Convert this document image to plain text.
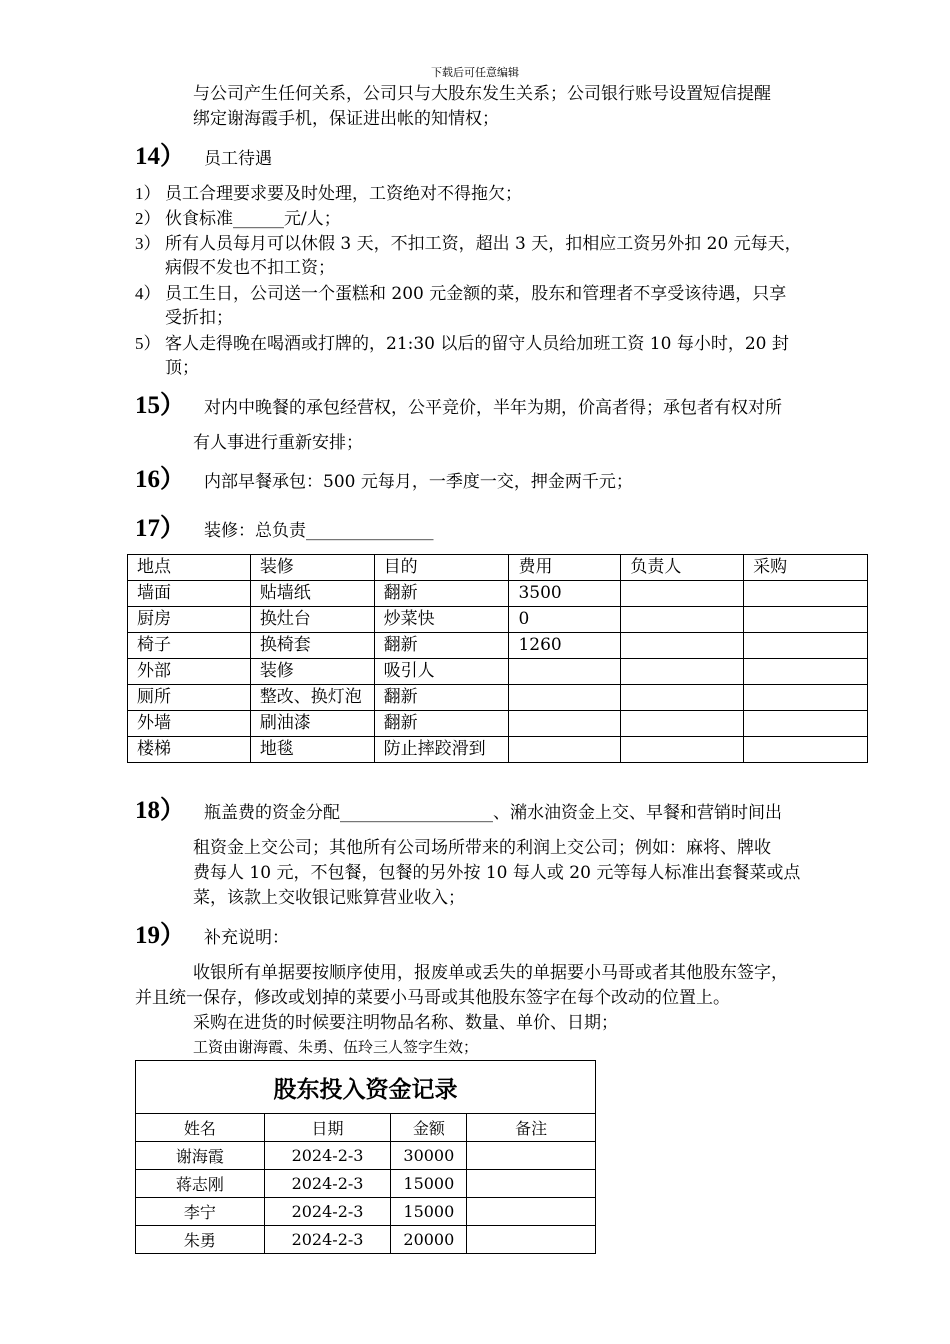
下载后可任意编辑
与公司产生任何关系，公司只与大股东发生关系；公司银行账号设置短信提醒
绑定谢海霞手机，保证进出帐的知情权；
14） 员工待遇
1） 员工合理要求要及时处理，工资绝对不得拖欠；
2） 伙食标准______元/人；
3） 所有人员每月可以休假 3 天，不扣工资，超出 3 天，扣相应工资另外扣 20 元每天，
病假不发也不扣工资；
4） 员工生日，公司送一个蛋糕和 200 元金额的菜，股东和管理者不享受该待遇，只享
受折扣；
5） 客人走得晚在喝酒或打牌的，21:30 以后的留守人员给加班工资 10 每小时，20 封
顶；
15） 对内中晚餐的承包经营权，公平竞价，半年为期，价高者得；承包者有权对所
有人事进行重新安排；
16） 内部早餐承包：500 元每月，一季度一交，押金两千元；
17） 装修：总负责_______________
地点	装修	目的	费用	负责人	采购
墙面	贴墙纸	翻新	3500		
厨房	换灶台	炒菜快	0		
椅子	换椅套	翻新	1260		
外部	装修	吸引人			
厕所	整改、换灯泡	翻新			
外墙	刷油漆	翻新			
楼梯	地毯	防止摔跤滑到			
18） 瓶盖费的资金分配__________________、潲水油资金上交、早餐和营销时间出
租资金上交公司；其他所有公司场所带来的利润上交公司；例如：麻将、牌收
费每人 10 元，不包餐，包餐的另外按 10 每人或 20 元等每人标准出套餐菜或点
菜，该款上交收银记账算营业收入；
19） 补充说明：
收银所有单据要按顺序使用，报废单或丢失的单据要小马哥或者其他股东签字，
并且统一保存，修改或划掉的菜要小马哥或其他股东签字在每个改动的位置上。
采购在进货的时候要注明物品名称、数量、单价、日期；
工资由谢海霞、朱勇、伍玲三人签字生效；
股东投入资金记录			
姓名	日期	金额	备注
谢海霞	2024-2-3	30000	
蒋志刚	2024-2-3	15000	
李宁	2024-2-3	15000	
朱勇	2024-2-3	20000	
